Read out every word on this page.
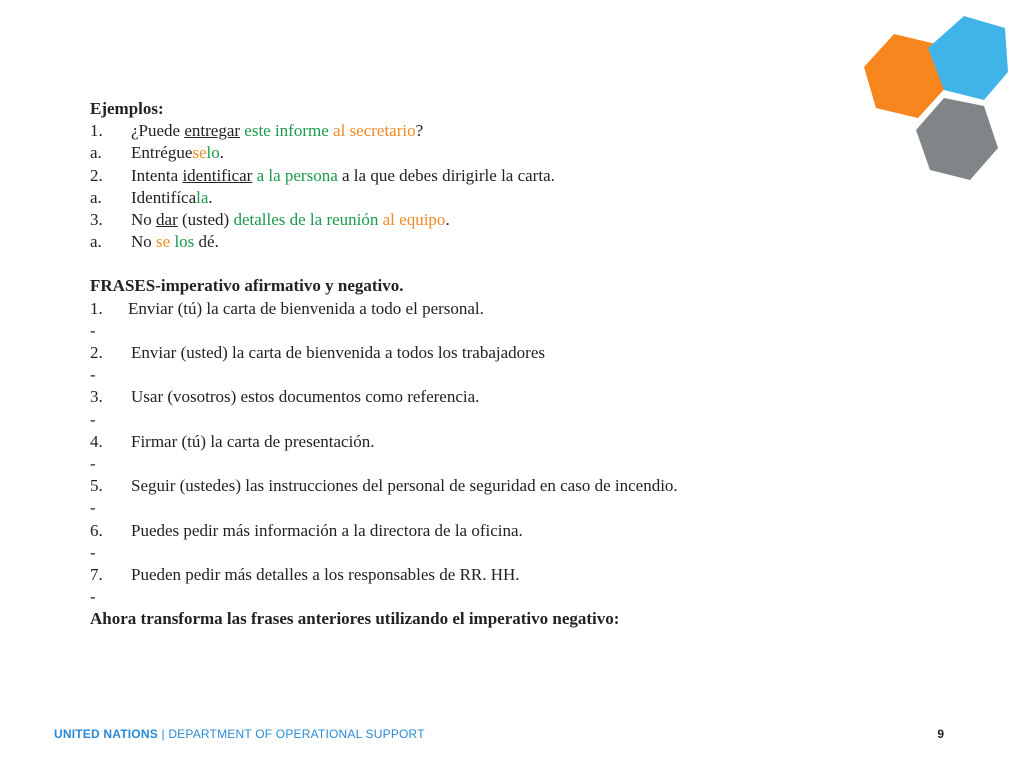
Ejemplos:
1. ¿Puede entregar este informe al secretario?
a. Entrégueselo.
2. Intenta identificar a la persona a la que debes dirigirle la carta.
a. Identifícala.
3. No dar (usted) detalles de la reunión al equipo.
a. No se los dé.
FRASES-imperativo afirmativo y negativo.
1. Enviar (tú) la carta de bienvenida a todo el personal.
-
2. Enviar (usted) la carta de bienvenida a todos los trabajadores
-
3. Usar (vosotros) estos documentos como referencia.
-
4. Firmar (tú) la carta de presentación.
-
5. Seguir (ustedes) las instrucciones del personal de seguridad en caso de incendio.
-
6. Puedes pedir más información a la directora de la oficina.
-
7. Pueden pedir más detalles a los responsables de RR. HH.
-
Ahora transforma las frases anteriores utilizando el imperativo negativo:
UNITED NATIONS | DEPARTMENT OF OPERATIONAL SUPPORT	9
